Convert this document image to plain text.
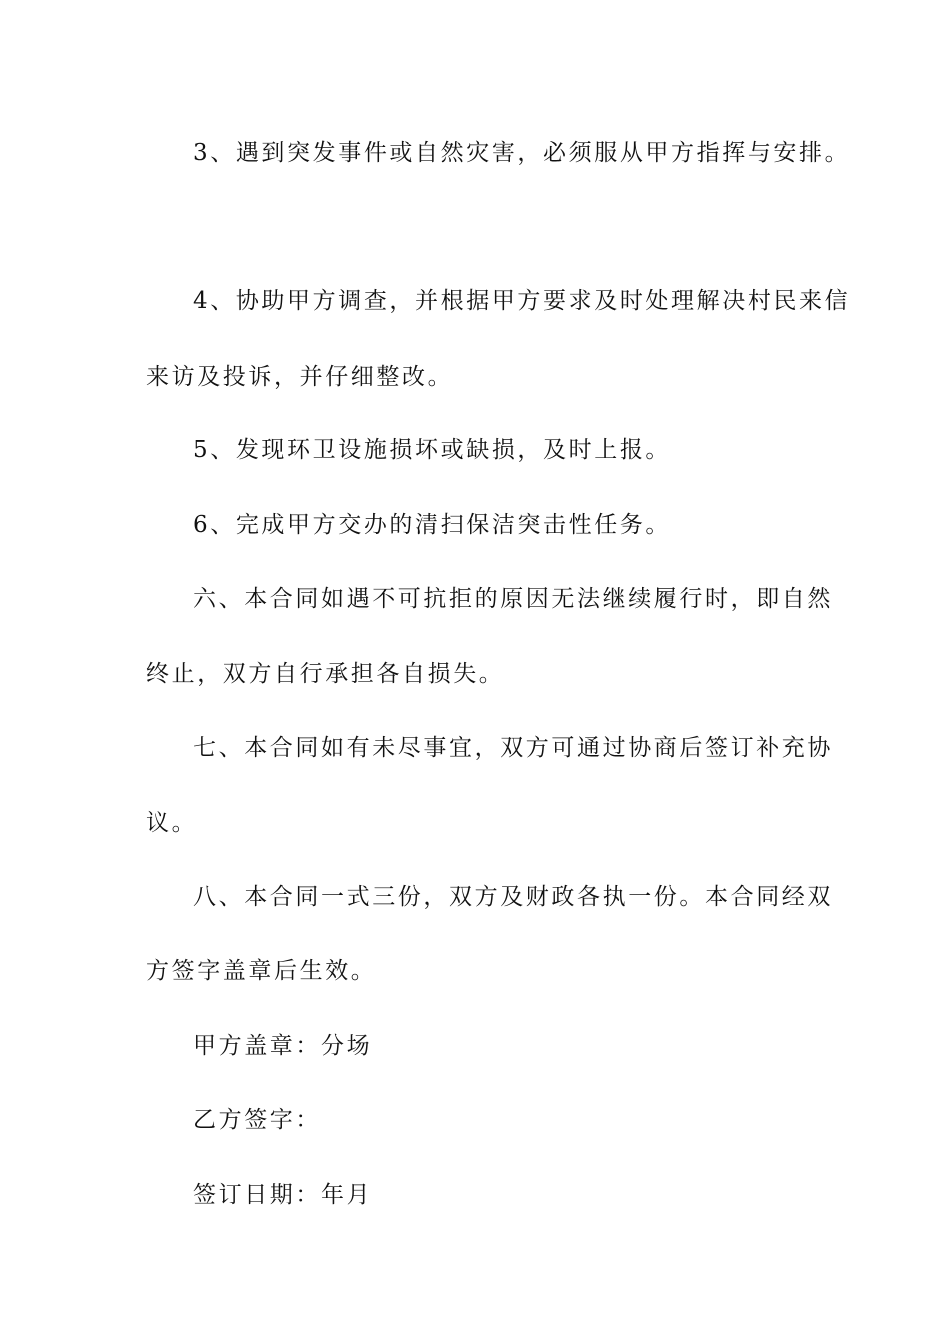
3、遇到突发事件或自然灾害，必须服从甲方指挥与安排。
4、协助甲方调查，并根据甲方要求及时处理解决村民来信
来访及投诉，并仔细整改。
5、发现环卫设施损坏或缺损，及时上报。
6、完成甲方交办的清扫保洁突击性任务。
六、本合同如遇不可抗拒的原因无法继续履行时，即自然
终止，双方自行承担各自损失。
七、本合同如有未尽事宜，双方可通过协商后签订补充协
议。
八、本合同一式三份，双方及财政各执一份。本合同经双
方签字盖章后生效。
甲方盖章：分场
乙方签字：
签订日期：年月
